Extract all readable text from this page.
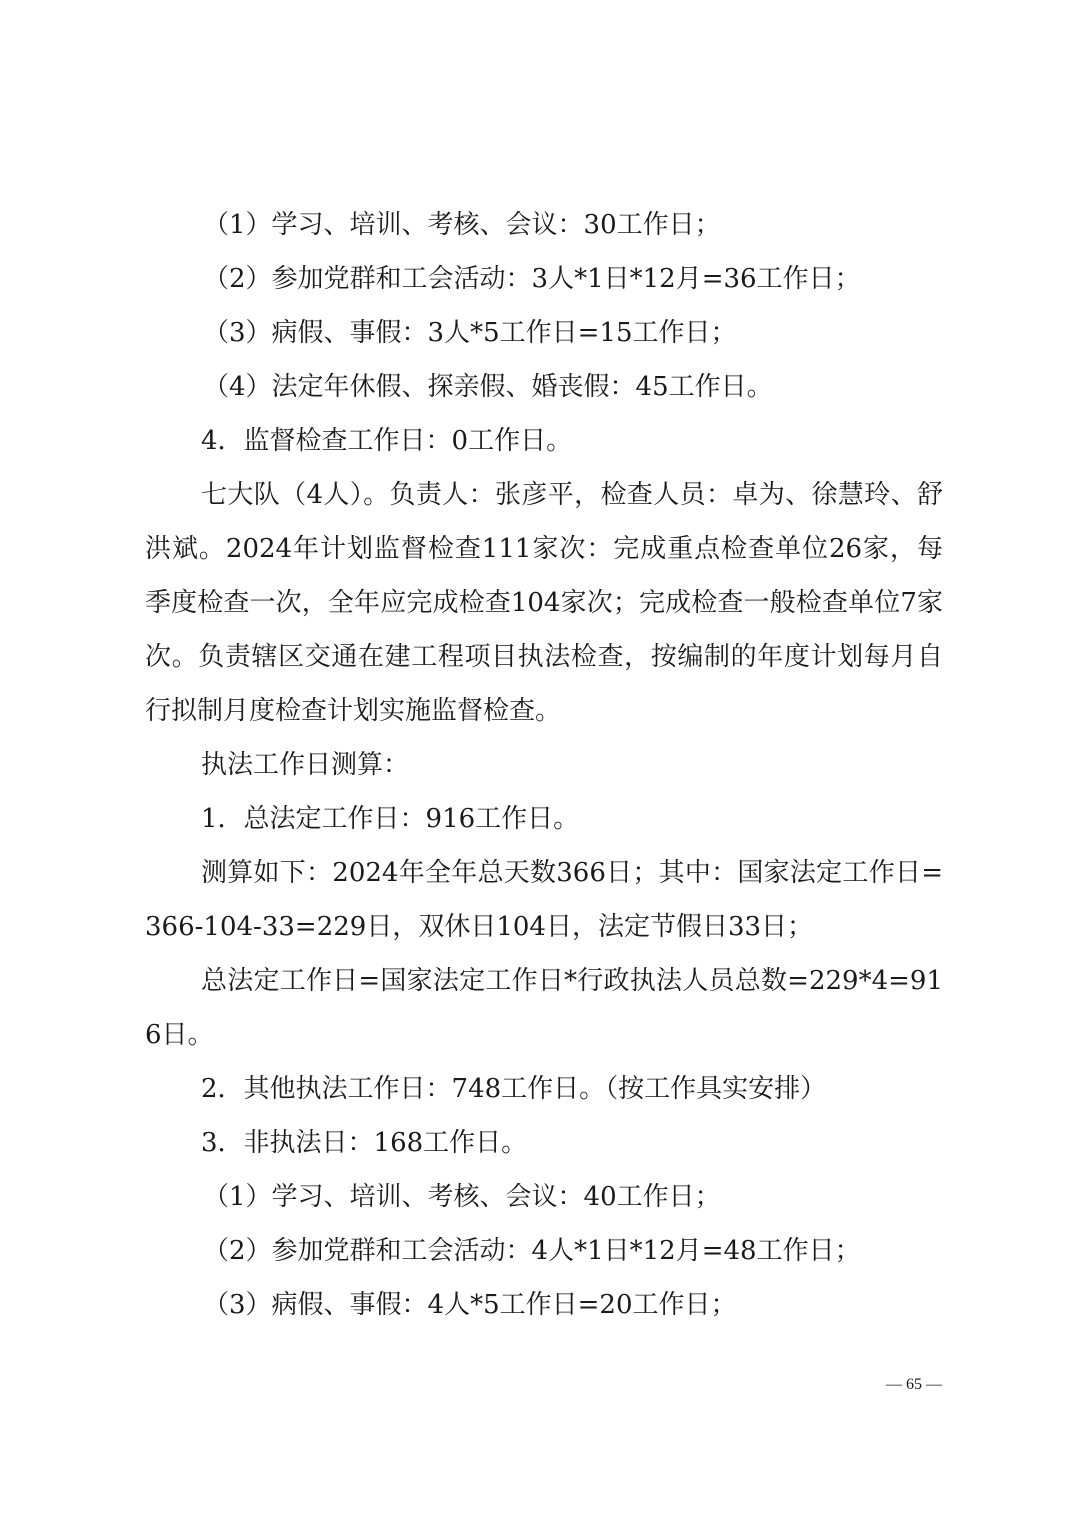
（1）学习、培训、考核、会议：30工作日；

（2）参加党群和工会活动：3人*1日*12月=36工作日；

（3）病假、事假：3人*5工作日=15工作日；

（4）法定年休假、探亲假、婚丧假：45工作日。

4．监督检查工作日：0工作日。

七大队（4人）。负责人：张彦平，检查人员：卓为、徐慧玲、舒洪斌。2024年计划监督检查111家次：完成重点检查单位26家，每季度检查一次，全年应完成检查104家次；完成检查一般检查单位7家次。负责辖区交通在建工程项目执法检查，按编制的年度计划每月自行拟制月度检查计划实施监督检查。

执法工作日测算：

1．总法定工作日：916工作日。

测算如下：2024年全年总天数366日；其中：国家法定工作日=366-104-33=229日，双休日104日，法定节假日33日；

总法定工作日=国家法定工作日*行政执法人员总数=229*4=916日。

2．其他执法工作日：748工作日。（按工作具实安排）

3．非执法日：168工作日。

（1）学习、培训、考核、会议：40工作日；

（2）参加党群和工会活动：4人*1日*12月=48工作日；

（3）病假、事假：4人*5工作日=20工作日；

— 65 —
